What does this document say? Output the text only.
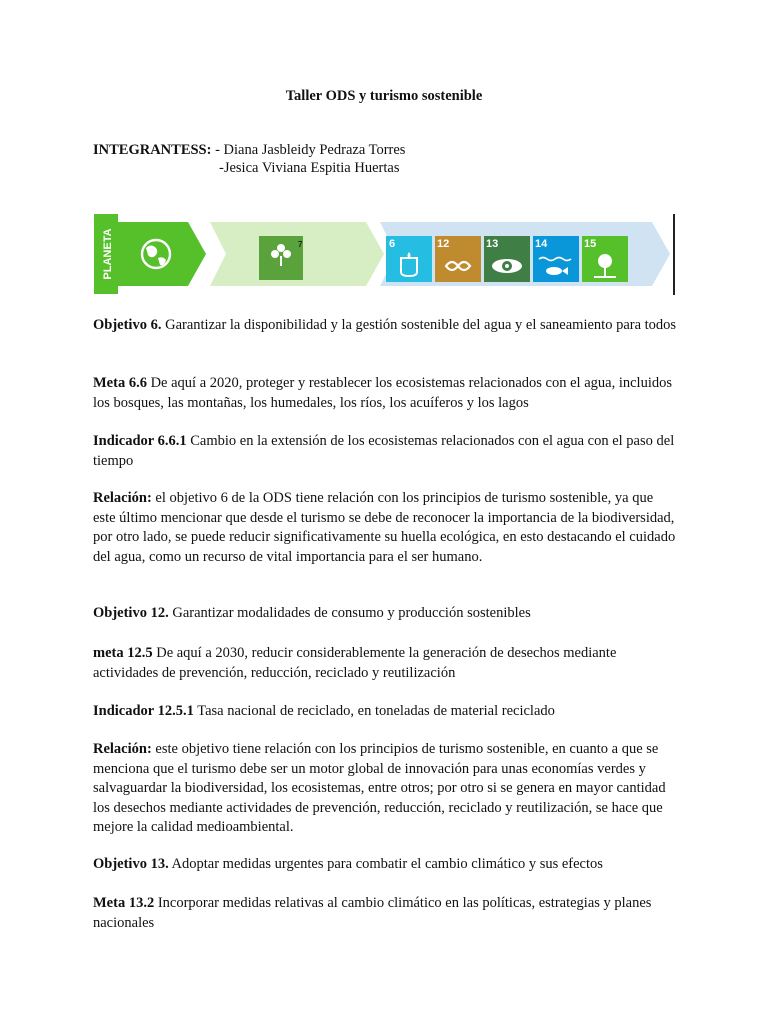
Taller ODS y turismo sostenible
INTEGRANTESS: - Diana Jasbleidy Pedraza Torres
-Jesica Viviana Espitia Huertas
PLANETA	7	6	12	13	14	15
Objetivo 6. Garantizar la disponibilidad y la gestión sostenible del agua y el saneamiento para todos
Meta 6.6 De aquí a 2020, proteger y restablecer los ecosistemas relacionados con el agua, incluidos los bosques, las montañas, los humedales, los ríos, los acuíferos y los lagos
Indicador 6.6.1 Cambio en la extensión de los ecosistemas relacionados con el agua con el paso del tiempo
Relación: el objetivo 6 de la ODS tiene relación con los principios de turismo sostenible, ya que este último mencionar que desde el turismo se debe de reconocer la importancia de la biodiversidad, por otro lado, se puede reducir significativamente su huella ecológica, en esto destacando el cuidado del agua, como un recurso de vital importancia para el ser humano.
Objetivo 12. Garantizar modalidades de consumo y producción sostenibles
meta 12.5 De aquí a 2030, reducir considerablemente la generación de desechos mediante actividades de prevención, reducción, reciclado y reutilización
Indicador 12.5.1 Tasa nacional de reciclado, en toneladas de material reciclado
Relación: este objetivo tiene relación con los principios de turismo sostenible, en cuanto a que se menciona que el turismo debe ser un motor global de innovación para unas economías verdes y salvaguardar la biodiversidad, los ecosistemas, entre otros; por otro si se genera en mayor cantidad los desechos mediante actividades de prevención, reducción, reciclado y reutilización, se hace que mejore la calidad medioambiental.
Objetivo 13. Adoptar medidas urgentes para combatir el cambio climático y sus efectos
Meta 13.2 Incorporar medidas relativas al cambio climático en las políticas, estrategias y planes nacionales
